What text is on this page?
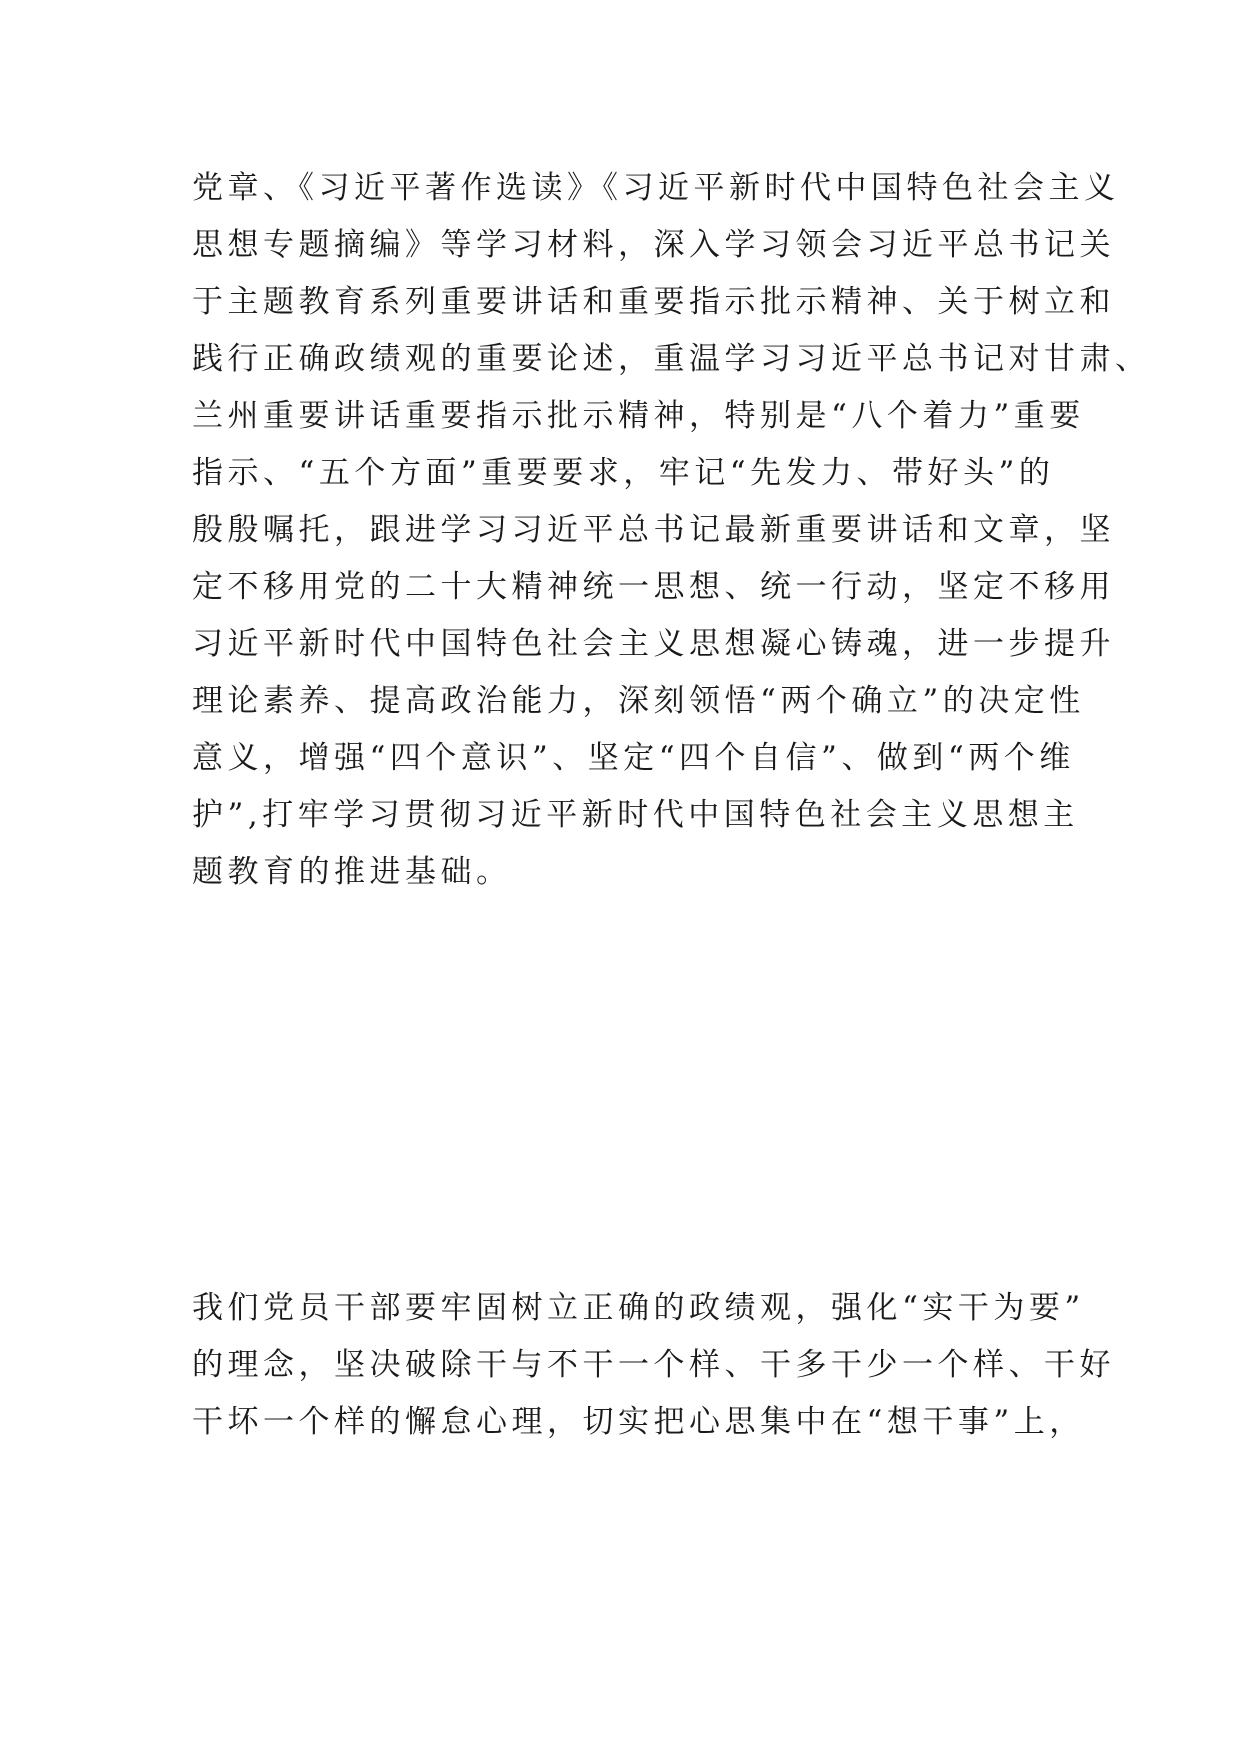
党章、《习近平著作选读》《习近平新时代中国特色社会主义
思想专题摘编》等学习材料，深入学习领会习近平总书记关
于主题教育系列重要讲话和重要指示批示精神、关于树立和
践行正确政绩观的重要论述，重温学习习近平总书记对甘肃、
兰州重要讲话重要指示批示精神，特别是“八个着力”重要
指示、“五个方面”重要要求，牢记“先发力、带好头”的
殷殷嘱托，跟进学习习近平总书记最新重要讲话和文章，坚
定不移用党的二十大精神统一思想、统一行动，坚定不移用
习近平新时代中国特色社会主义思想凝心铸魂，进一步提升
理论素养、提高政治能力，深刻领悟“两个确立”的决定性
意义，增强“四个意识”、坚定“四个自信”、做到“两个维
护”,打牢学习贯彻习近平新时代中国特色社会主义思想主
题教育的推进基础。
我们党员干部要牢固树立正确的政绩观，强化“实干为要”
的理念，坚决破除干与不干一个样、干多干少一个样、干好
干坏一个样的懈怠心理，切实把心思集中在“想干事”上，
